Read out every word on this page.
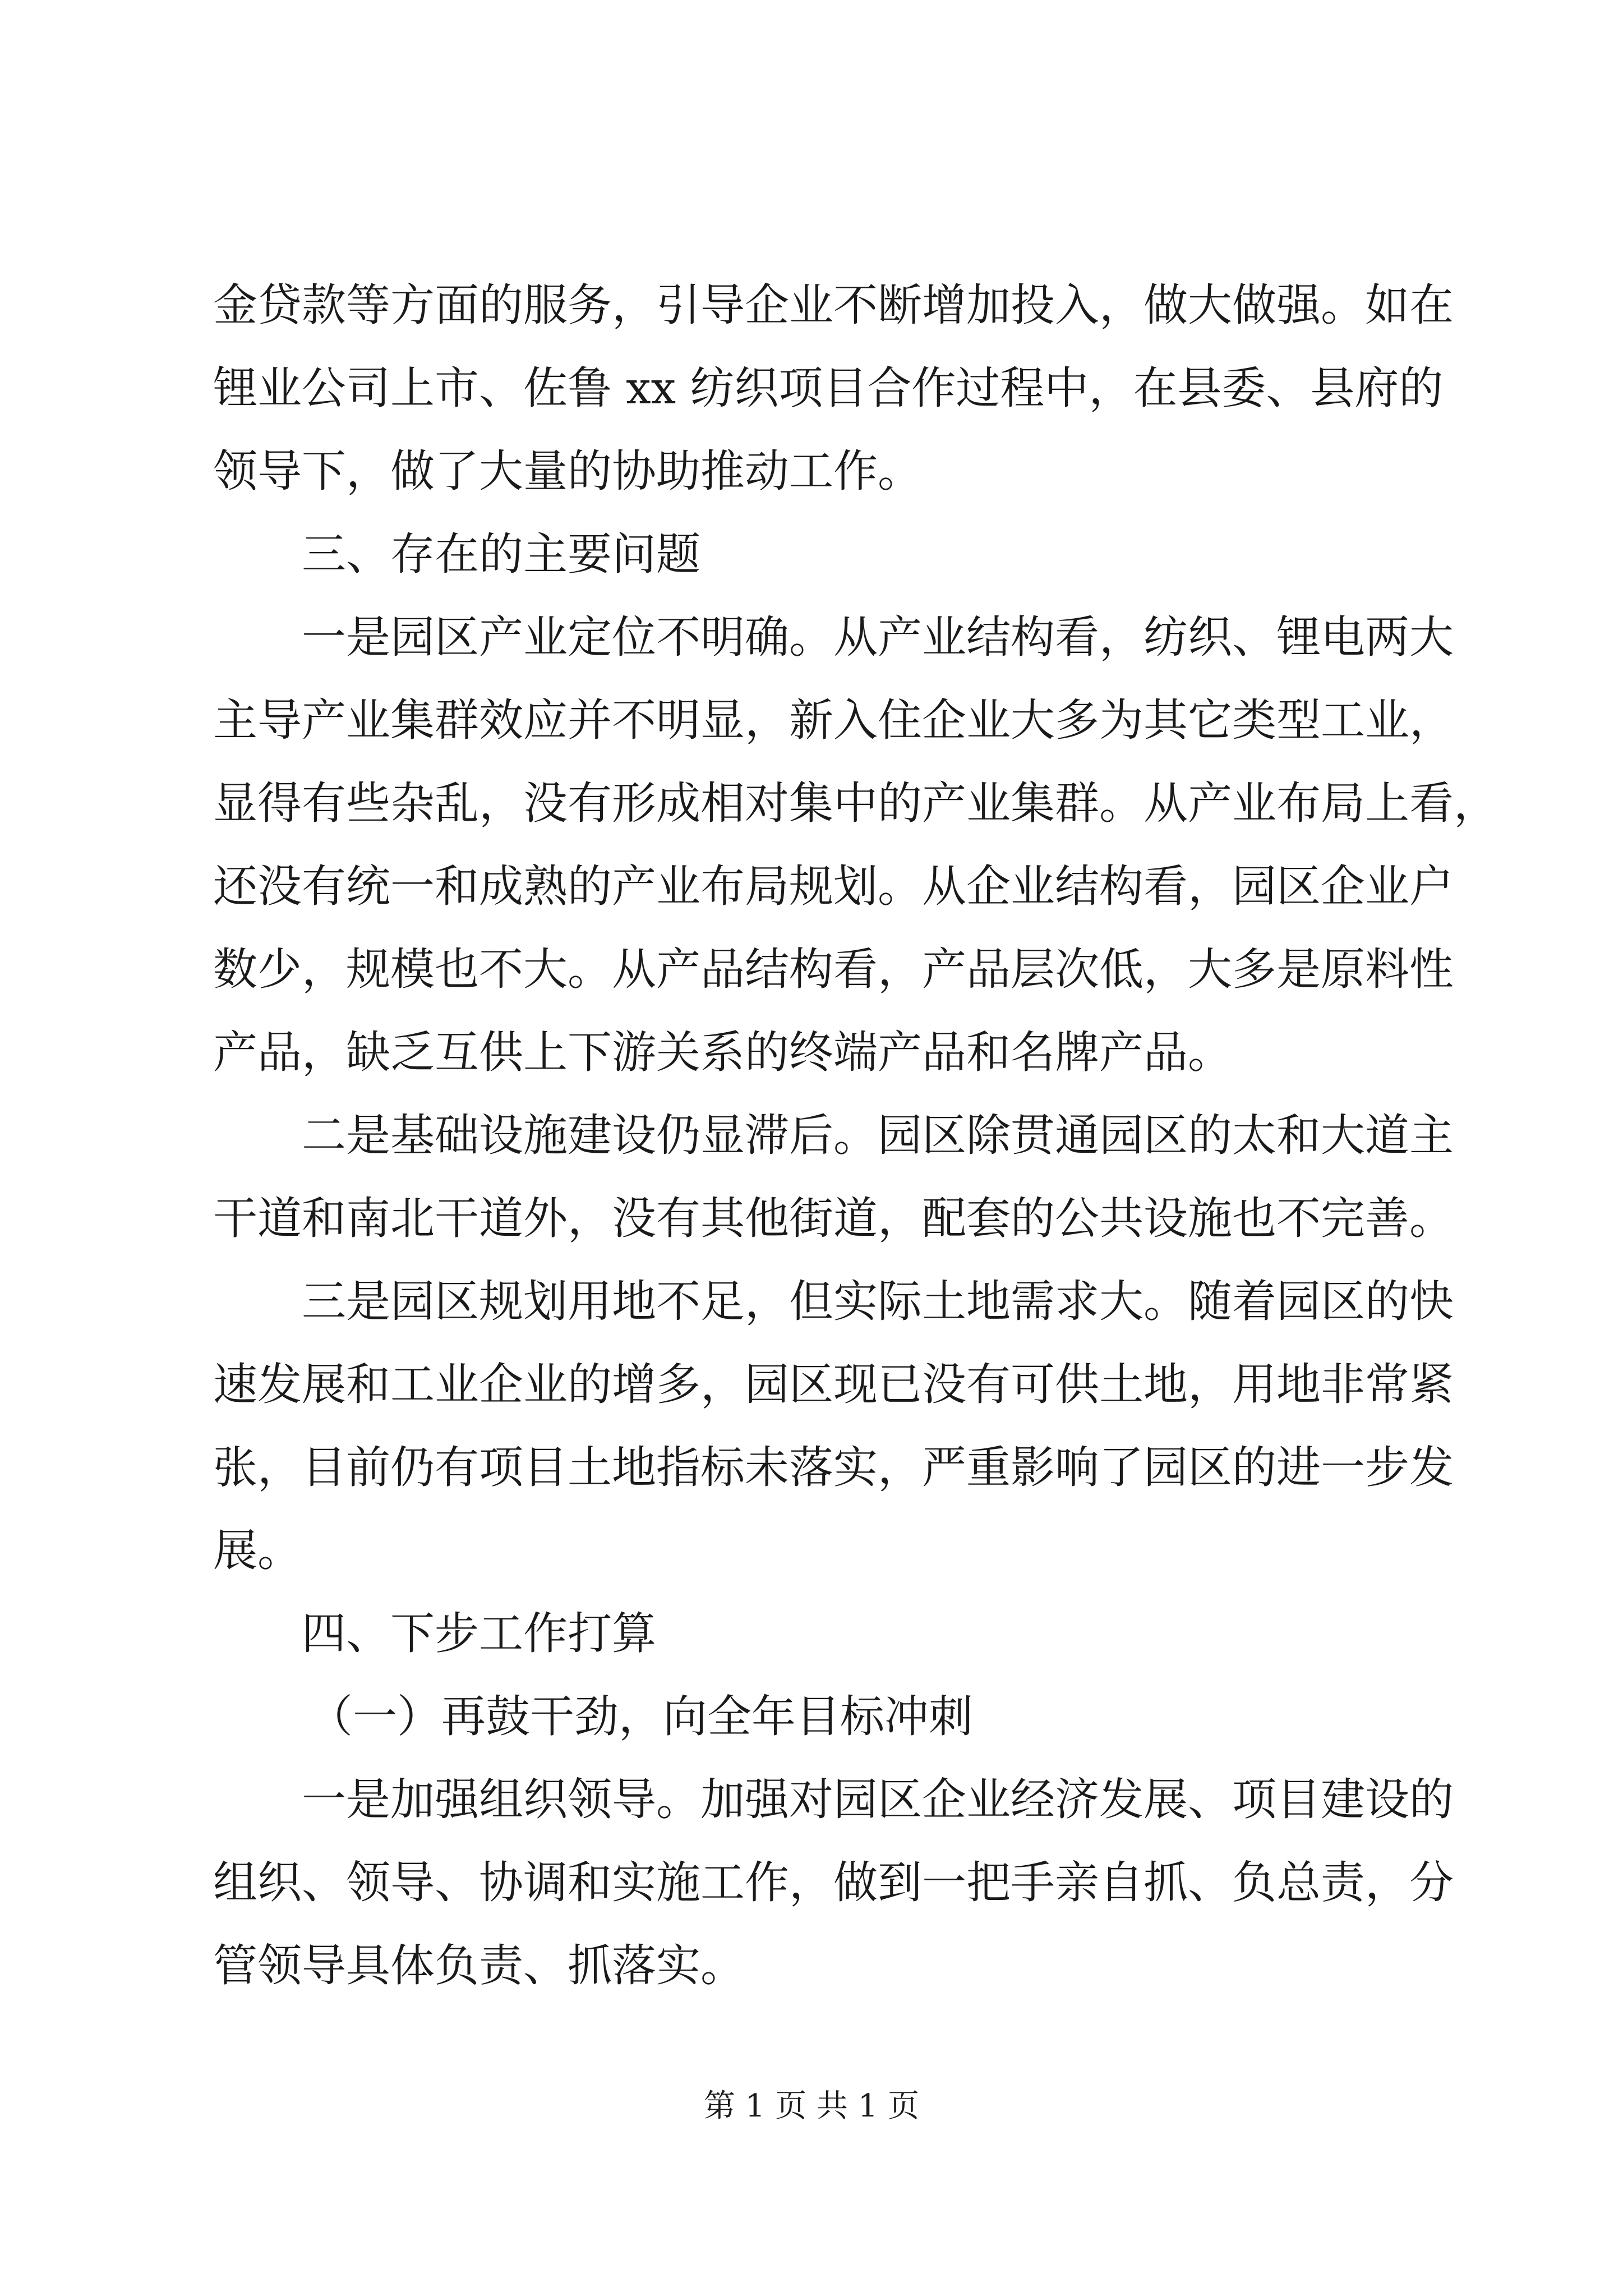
金贷款等方面的服务，引导企业不断增加投入，做大做强。如在
锂业公司上市、佐鲁 xx 纺织项目合作过程中，在县委、县府的
领导下，做了大量的协助推动工作。
三、存在的主要问题
一是园区产业定位不明确。从产业结构看，纺织、锂电两大
主导产业集群效应并不明显，新入住企业大多为其它类型工业，
显得有些杂乱，没有形成相对集中的产业集群。从产业布局上看，
还没有统一和成熟的产业布局规划。从企业结构看，园区企业户
数少，规模也不大。从产品结构看，产品层次低，大多是原料性
产品，缺乏互供上下游关系的终端产品和名牌产品。
二是基础设施建设仍显滞后。园区除贯通园区的太和大道主
干道和南北干道外，没有其他街道，配套的公共设施也不完善。
三是园区规划用地不足，但实际土地需求大。随着园区的快
速发展和工业企业的增多，园区现已没有可供土地，用地非常紧
张，目前仍有项目土地指标未落实，严重影响了园区的进一步发
展。
四、下步工作打算
（一）再鼓干劲，向全年目标冲刺
一是加强组织领导。加强对园区企业经济发展、项目建设的
组织、领导、协调和实施工作，做到一把手亲自抓、负总责，分
管领导具体负责、抓落实。
第 1 页 共 1 页
